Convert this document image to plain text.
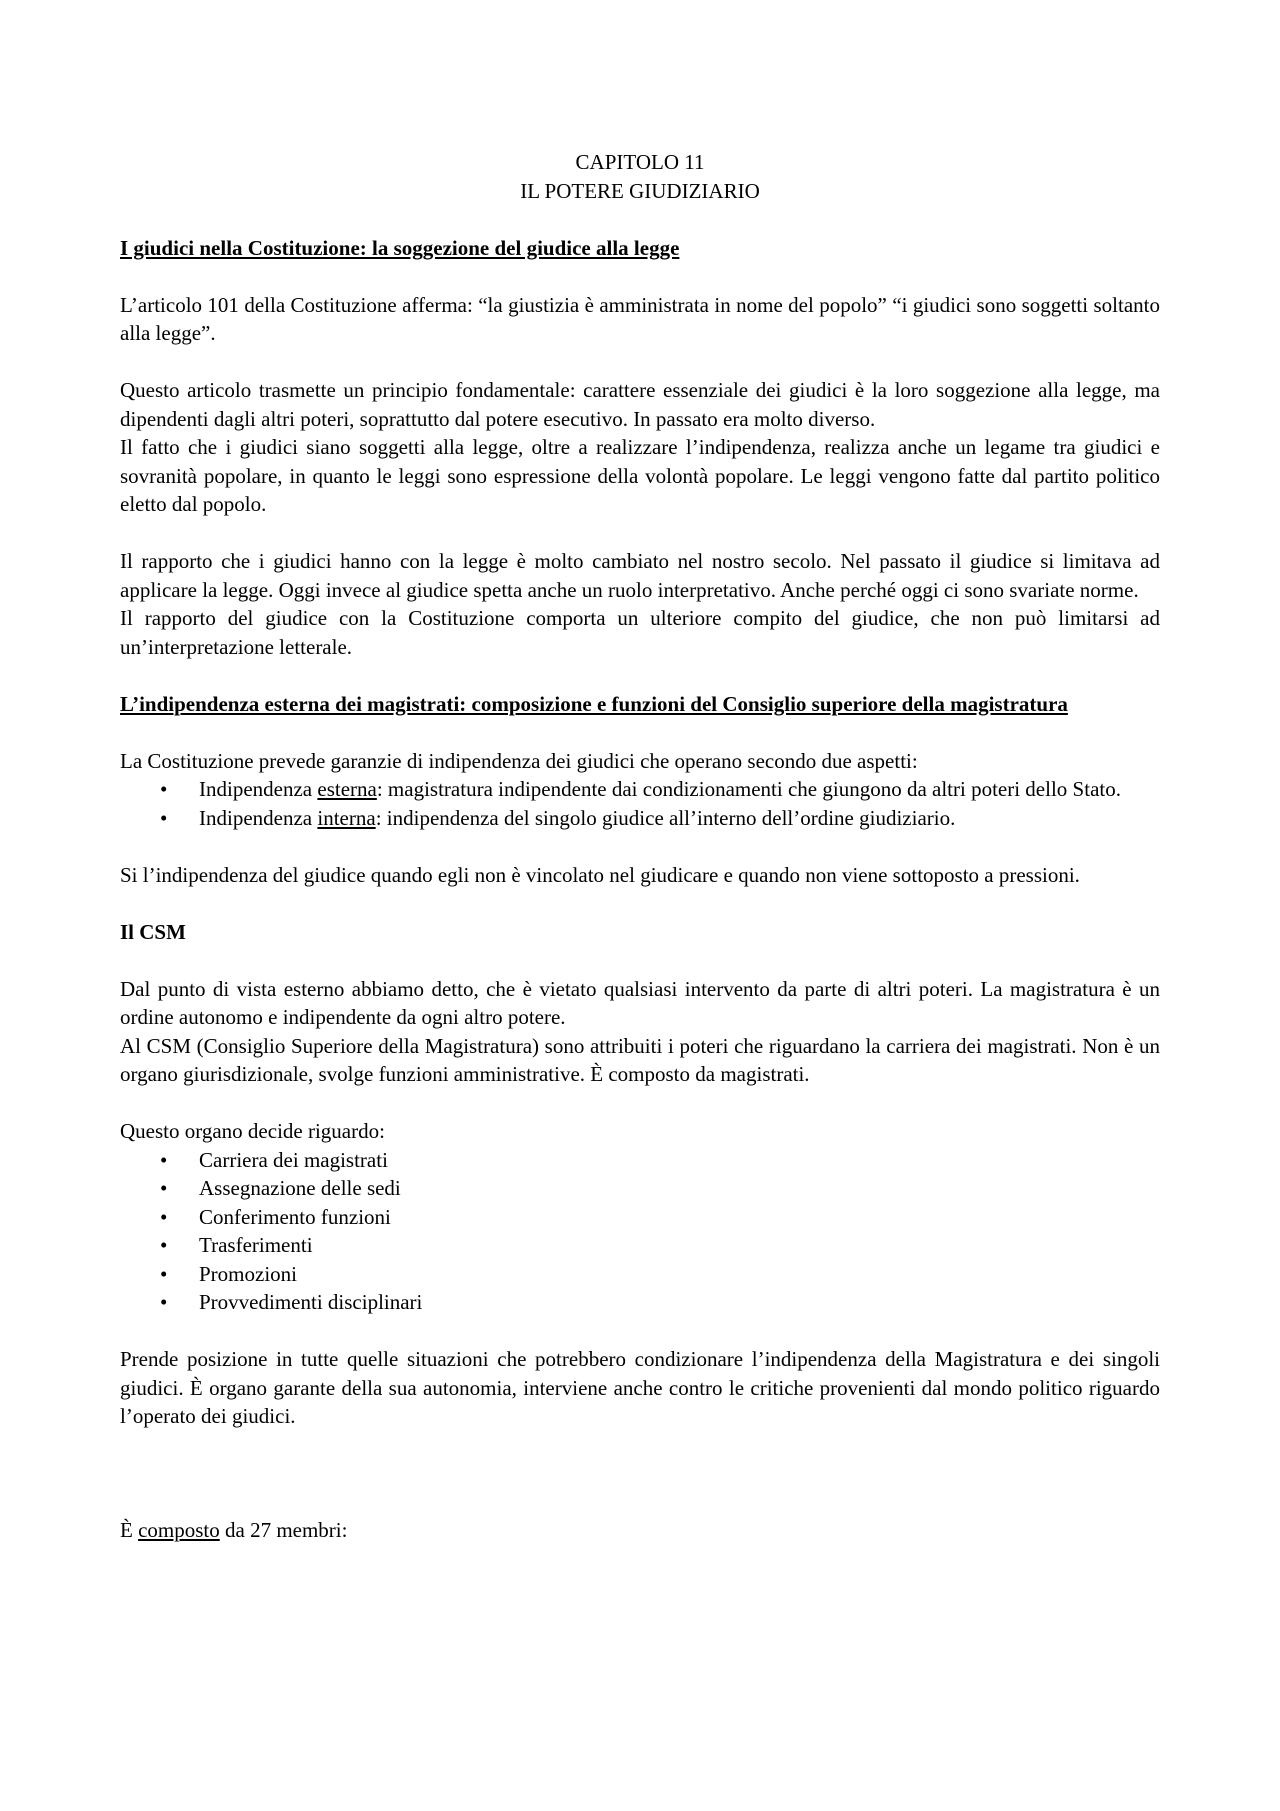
CAPITOLO 11

IL POTERE GIUDIZIARIO

I giudici nella Costituzione: la soggezione del giudice alla legge

L’articolo 101 della Costituzione afferma: “la giustizia è amministrata in nome del popolo” “i giudici sono soggetti soltanto alla legge”.

Questo articolo trasmette un principio fondamentale: carattere essenziale dei giudici è la loro soggezione alla legge, ma dipendenti dagli altri poteri, soprattutto dal potere esecutivo. In passato era molto diverso.

Il fatto che i giudici siano soggetti alla legge, oltre a realizzare l’indipendenza, realizza anche un legame tra giudici e sovranità popolare, in quanto le leggi sono espressione della volontà popolare. Le leggi vengono fatte dal partito politico eletto dal popolo.

Il rapporto che i giudici hanno con la legge è molto cambiato nel nostro secolo. Nel passato il giudice si limitava ad applicare la legge. Oggi invece al giudice spetta anche un ruolo interpretativo. Anche perché oggi ci sono svariate norme.

Il rapporto del giudice con la Costituzione comporta un ulteriore compito del giudice, che non può limitarsi ad un’interpretazione letterale.

L’indipendenza esterna dei magistrati: composizione e funzioni del Consiglio superiore della magistratura

La Costituzione prevede garanzie di indipendenza dei giudici che operano secondo due aspetti:

•	Indipendenza esterna: magistratura indipendente dai condizionamenti che giungono da altri poteri dello Stato.
•	Indipendenza interna: indipendenza del singolo giudice all’interno dell’ordine giudiziario.

Si l’indipendenza del giudice quando egli non è vincolato nel giudicare e quando non viene sottoposto a pressioni.

Il CSM

Dal punto di vista esterno abbiamo detto, che è vietato qualsiasi intervento da parte di altri poteri. La magistratura è un ordine autonomo e indipendente da ogni altro potere.

Al CSM (Consiglio Superiore della Magistratura) sono attribuiti i poteri che riguardano la carriera dei magistrati. Non è un organo giurisdizionale, svolge funzioni amministrative. È composto da magistrati.

Questo organo decide riguardo:

•	Carriera dei magistrati
•	Assegnazione delle sedi
•	Conferimento funzioni
•	Trasferimenti
•	Promozioni
•	Provvedimenti disciplinari

Prende posizione in tutte quelle situazioni che potrebbero condizionare l’indipendenza della Magistratura e dei singoli giudici. È organo garante della sua autonomia, interviene anche contro le critiche provenienti dal mondo politico riguardo l’operato dei giudici.

È composto da 27 membri:
